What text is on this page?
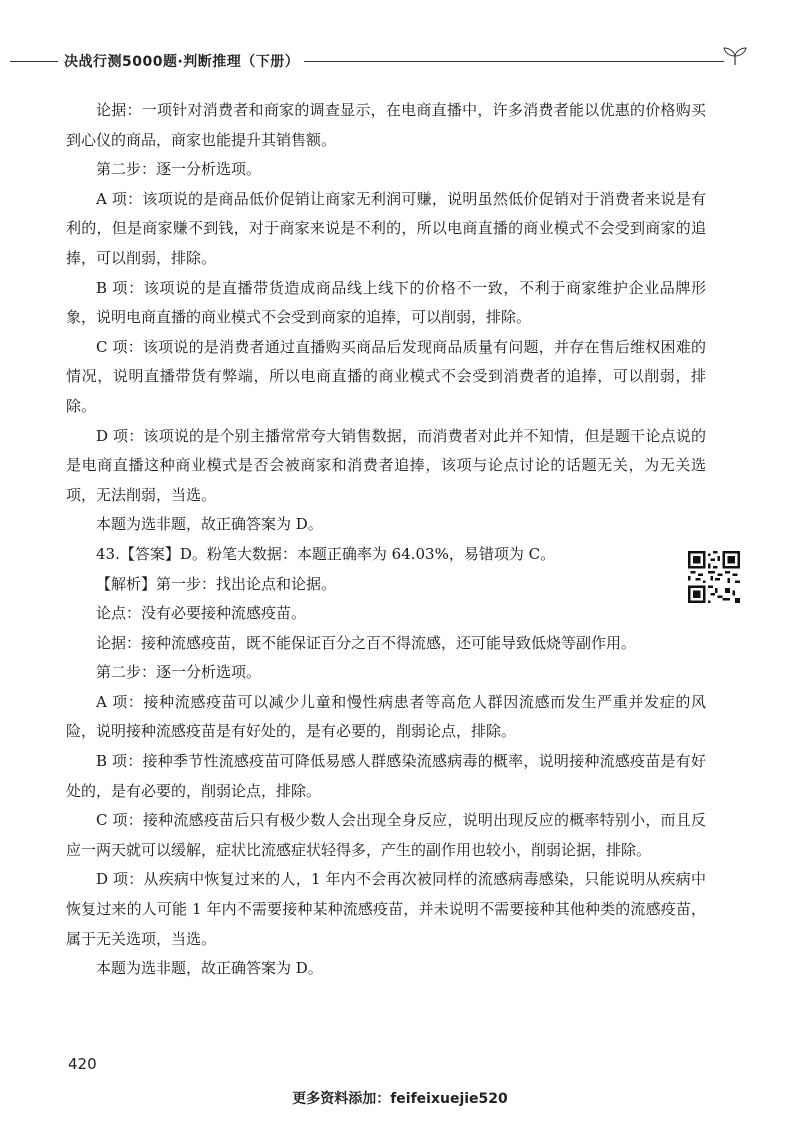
决战行测5000题·判断推理（下册）

论据：一项针对消费者和商家的调查显示，在电商直播中，许多消费者能以优惠的价格购买到心仪的商品，商家也能提升其销售额。

第二步：逐一分析选项。

A 项：该项说的是商品低价促销让商家无利润可赚，说明虽然低价促销对于消费者来说是有利的，但是商家赚不到钱，对于商家来说是不利的，所以电商直播的商业模式不会受到商家的追捧，可以削弱，排除。

B 项：该项说的是直播带货造成商品线上线下的价格不一致，不利于商家维护企业品牌形象，说明电商直播的商业模式不会受到商家的追捧，可以削弱，排除。

C 项：该项说的是消费者通过直播购买商品后发现商品质量有问题，并存在售后维权困难的情况，说明直播带货有弊端，所以电商直播的商业模式不会受到消费者的追捧，可以削弱，排除。

D 项：该项说的是个别主播常常夸大销售数据，而消费者对此并不知情，但是题干论点说的是电商直播这种商业模式是否会被商家和消费者追捧，该项与论点讨论的话题无关，为无关选项，无法削弱，当选。

本题为选非题，故正确答案为 D。

43.【答案】D。粉笔大数据：本题正确率为 64.03%，易错项为 C。

【解析】第一步：找出论点和论据。

论点：没有必要接种流感疫苗。

论据：接种流感疫苗，既不能保证百分之百不得流感，还可能导致低烧等副作用。

第二步：逐一分析选项。

A 项：接种流感疫苗可以减少儿童和慢性病患者等高危人群因流感而发生严重并发症的风险，说明接种流感疫苗是有好处的，是有必要的，削弱论点，排除。

B 项：接种季节性流感疫苗可降低易感人群感染流感病毒的概率，说明接种流感疫苗是有好处的，是有必要的，削弱论点，排除。

C 项：接种流感疫苗后只有极少数人会出现全身反应，说明出现反应的概率特别小，而且反应一两天就可以缓解，症状比流感症状轻得多，产生的副作用也较小，削弱论据，排除。

D 项：从疾病中恢复过来的人，1 年内不会再次被同样的流感病毒感染，只能说明从疾病中恢复过来的人可能 1 年内不需要接种某种流感疫苗，并未说明不需要接种其他种类的流感疫苗，属于无关选项，当选。

本题为选非题，故正确答案为 D。

420
更多资料添加：feifeixuejie520
